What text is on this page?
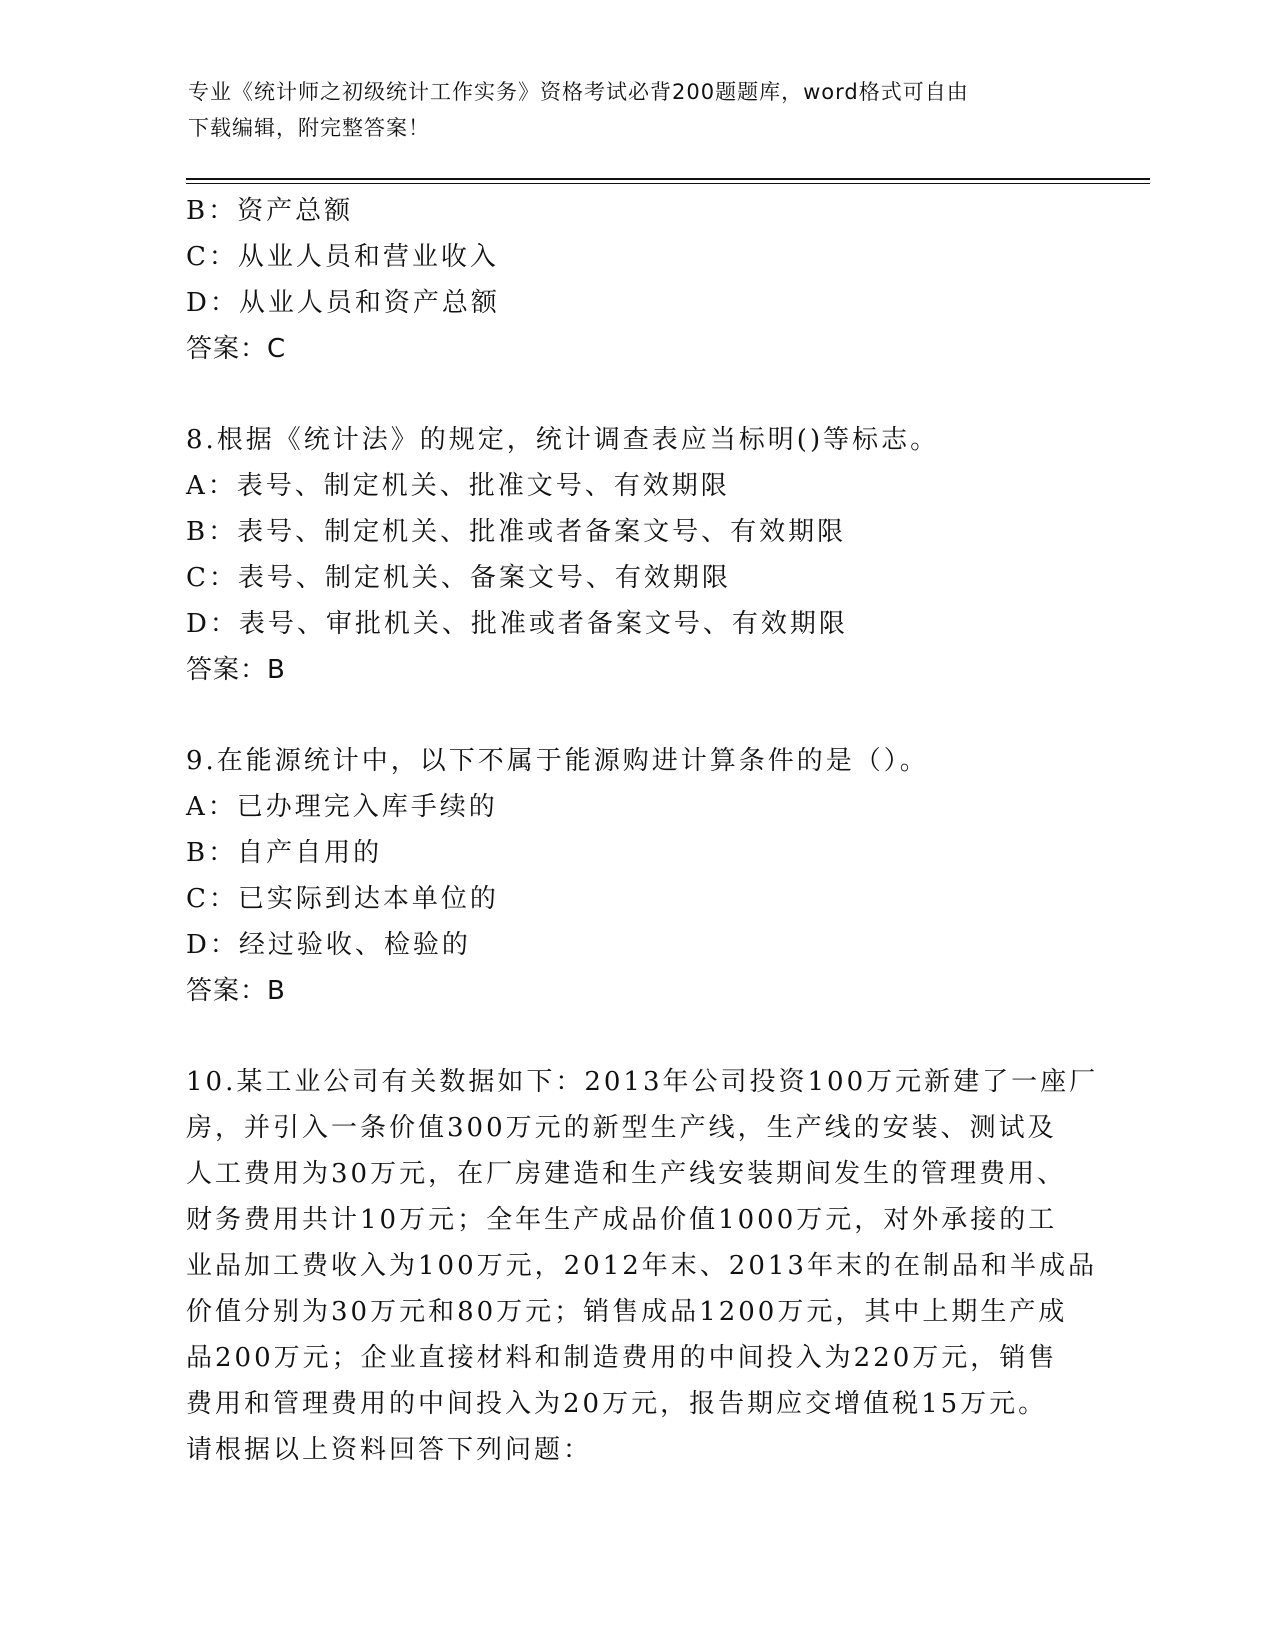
专业《统计师之初级统计工作实务》资格考试必背200题题库，word格式可自由
下载编辑，附完整答案！
B：资产总额
C：从业人员和营业收入
D：从业人员和资产总额
答案：C
8.根据《统计法》的规定，统计调查表应当标明()等标志。
A：表号、制定机关、批准文号、有效期限
B：表号、制定机关、批准或者备案文号、有效期限
C：表号、制定机关、备案文号、有效期限
D：表号、审批机关、批准或者备案文号、有效期限
答案：B
9.在能源统计中，以下不属于能源购进计算条件的是（）。
A：已办理完入库手续的
B：自产自用的
C：已实际到达本单位的
D：经过验收、检验的
答案：B
10.某工业公司有关数据如下：2013年公司投资100万元新建了一座厂
房，并引入一条价值300万元的新型生产线，生产线的安装、测试及
人工费用为30万元，在厂房建造和生产线安装期间发生的管理费用、
财务费用共计10万元；全年生产成品价值1000万元，对外承接的工
业品加工费收入为100万元，2012年末、2013年末的在制品和半成品
价值分别为30万元和80万元；销售成品1200万元，其中上期生产成
品200万元；企业直接材料和制造费用的中间投入为220万元，销售
费用和管理费用的中间投入为20万元，报告期应交增值税15万元。
请根据以上资料回答下列问题：
